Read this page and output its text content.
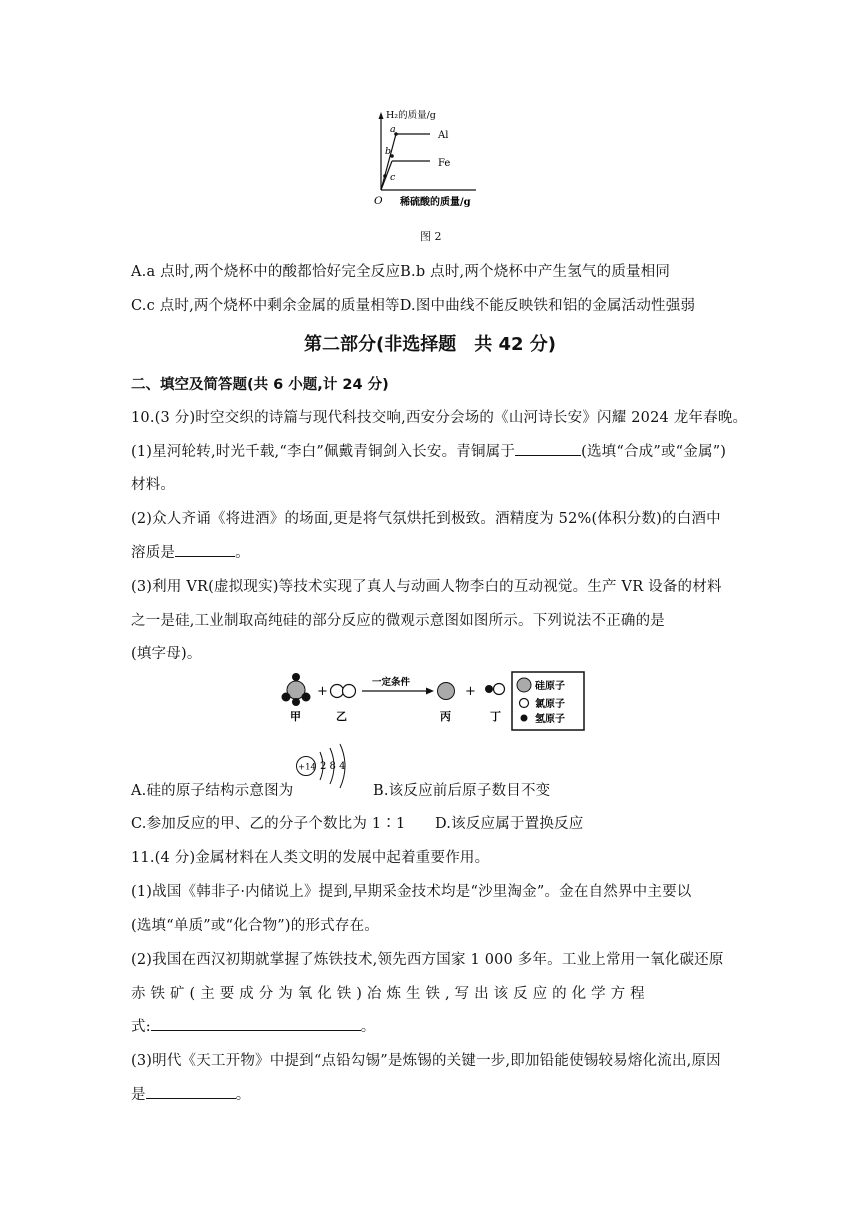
H₂的质量/g
a
b
c
Al
Fe
O 稀硫酸的质量/g
图 2
A.a 点时,两个烧杯中的酸都恰好完全反应B.b 点时,两个烧杯中产生氢气的质量相同
C.c 点时,两个烧杯中剩余金属的质量相等D.图中曲线不能反映铁和铝的金属活动性强弱
第二部分(非选择题　共 42 分)
二、填空及简答题(共 6 小题,计 24 分)
10.(3 分)时空交织的诗篇与现代科技交响,西安分会场的《山河诗长安》闪耀 2024 龙年春晚。
(1)星河轮转,时光千载,“李白”佩戴青铜剑入长安。青铜属于	(选填“合成”或“金属”)
材料。
(2)众人齐诵《将进酒》的场面,更是将气氛烘托到极致。酒精度为 52%(体积分数)的白酒中
溶质是	。
(3)利用 VR(虚拟现实)等技术实现了真人与动画人物李白的互动视觉。生产 VR 设备的材料
之一是硅,工业制取高纯硅的部分反应的微观示意图如图所示。下列说法不正确的是
(填字母)。
甲
+
乙
一定条件
丙
+
丁
硅原子
氯原子
氢原子
A.硅的原子结构示意图为
+14 2 8 4
B.该反应前后原子数目不变
C.参加反应的甲、乙的分子个数比为 1∶1 D.该反应属于置换反应
11.(4 分)金属材料在人类文明的发展中起着重要作用。
(1)战国《韩非子·内储说上》提到,早期采金技术均是“沙里淘金”。金在自然界中主要以
(选填“单质”或“化合物”)的形式存在。
(2)我国在西汉初期就掌握了炼铁技术,领先西方国家 1 000 多年。工业上常用一氧化碳还原
赤 铁 矿 ( 主 要 成 分 为 氧 化 铁 ) 冶 炼 生 铁 , 写 出 该 反 应 的 化 学 方 程
式:	。
(3)明代《天工开物》中提到“点铅勾锡”是炼锡的关键一步,即加铅能使锡较易熔化流出,原因
是	。
